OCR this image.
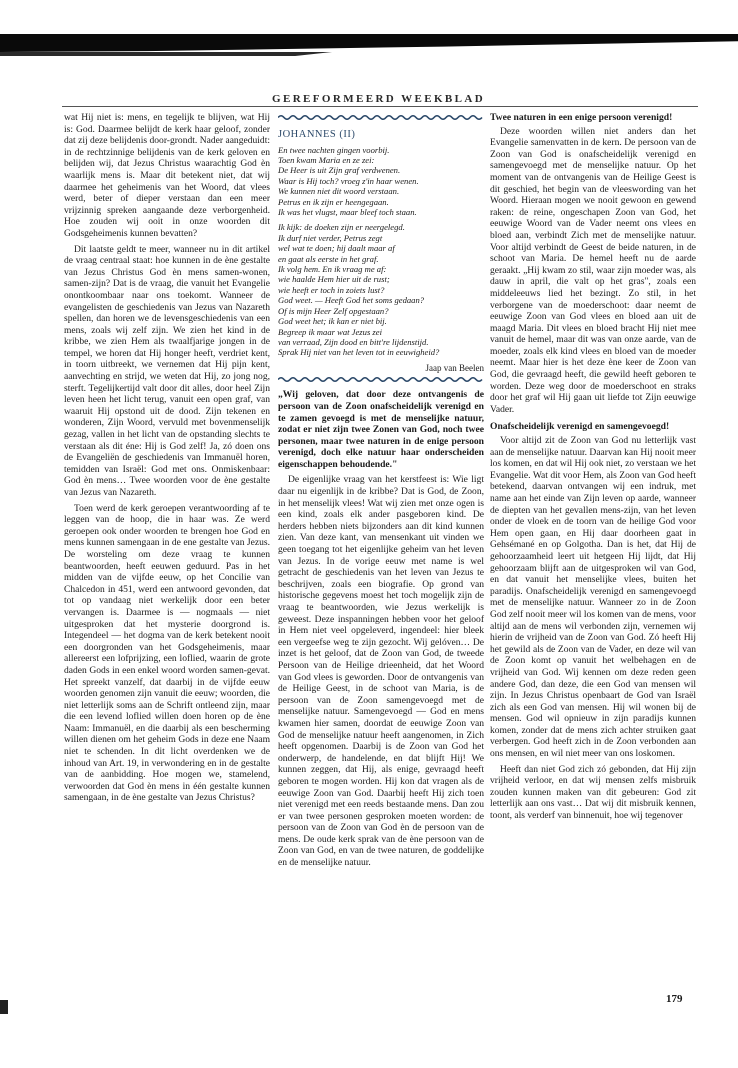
GEREFORMEERD WEEKBLAD

wat Hij niet is: mens, en tegelijk te blijven, wat Hij is: God. Daarmee belijdt de kerk haar geloof, zonder dat zij deze belijdenis door-grondt. Nader aangeduidt: in de rechtzinnige belijdenis van de kerk geloven en belijden wij, dat Jezus Christus waarachtig God èn waarlijk mens is. Maar dit betekent niet, dat wij daarmee het geheimenis van het Woord, dat vlees werd, beter of dieper verstaan dan een meer vrijzinnig spreken aangaande deze verborgenheid. Hoe zouden wij ooit in onze woorden dit Godsgeheimenis kunnen bevatten?

Dit laatste geldt te meer, wanneer nu in dit artikel de vraag centraal staat: hoe kunnen in de ène gestalte van Jezus Christus God èn mens samen-wonen, samen-zijn? Dat is de vraag, die vanuit het Evangelie onontkoombaar naar ons toekomt. Wanneer de evangelisten de geschiedenis van Jezus van Nazareth spellen, dan horen we de levensgeschiedenis van een mens, zoals wij zelf zijn. We zien het kind in de kribbe, we zien Hem als twaalfjarige jongen in de tempel, we horen dat Hij honger heeft, verdriet kent, in toorn uitbreekt, we vernemen dat Hij pijn kent, aanvechting en strijd, we weten dat Hij, zo jong nog, sterft. Tegelijkertijd valt door dit alles, door heel Zijn leven heen het licht terug, vanuit een open graf, van waaruit Hij opstond uit de dood. Zijn tekenen en wonderen, Zijn Woord, vervuld met bovenmenselijk gezag, vallen in het licht van de opstanding slechts te verstaan als dit éne: Hij is God zelf! Ja, zó doen ons de Evangeliën de geschiedenis van Immanuël horen, temidden van Israël: God met ons. Onmiskenbaar: God èn mens… Twee woorden voor de ène gestalte van Jezus van Nazareth.

Toen werd de kerk geroepen verantwoording af te leggen van de hoop, die in haar was. Ze werd geroepen ook onder woorden te brengen hoe God en mens kunnen samengaan in de ene gestalte van Jezus. De worsteling om deze vraag te kunnen beantwoorden, heeft eeuwen geduurd. Pas in het midden van de vijfde eeuw, op het Concilie van Chalcedon in 451, werd een antwoord gevonden, dat tot op vandaag niet werkelijk door een beter vervangen is. Daarmee is — nogmaals — niet uitgesproken dat het mysterie doorgrond is. Integendeel — het dogma van de kerk betekent nooit een doorgronden van het Godsgeheimenis, maar allereerst een lofprijzing, een loflied, waarin de grote daden Gods in een enkel woord worden samen-gevat. Het spreekt vanzelf, dat daarbij in de vijfde eeuw woorden genomen zijn vanuit die eeuw; woorden, die niet letterlijk soms aan de Schrift ontleend zijn, maar die een levend loflied willen doen horen op de ène Naam: Immanuël, en die daarbij als een bescherming willen dienen om het geheim Gods in deze ene Naam niet te schenden. In dit licht overdenken we de inhoud van Art. 19, in verwondering en in de gestalte van de aanbidding. Hoe mogen we, stamelend, verwoorden dat God èn mens in één gestalte kunnen samengaan, in de ène gestalte van Jezus Christus?

JOHANNES (II)
En twee nachten gingen voorbij.
Toen kwam Maria en ze zei:
De Heer is uit Zijn graf verdwenen.
Waar is Hij toch? vroeg z'in haar wenen.
We kunnen niet dit woord verstaan.
Petrus en ik zijn er heengegaan.
Ik was het vlugst, maar bleef toch staan.
Ik kijk: de doeken zijn er neergelegd.
Ik durf niet verder, Petrus zegt
wel wat te doen; hij daalt maar af
en gaat als eerste in het graf.
Ik volg hem. En ik vraag me af:
wie haalde Hem hier uit de rust;
wie heeft er toch in zoiets lust?
God weet. — Heeft God het soms gedaan?
Of is mijn Heer Zelf opgestaan?
God weet het; ik kan er niet bij.
Begreep ik maar wat Jezus zei
van verraad, Zijn dood en bitt're lijdenstijd.
Sprak Hij niet van het leven tot in eeuwigheid?
Jaap van Beelen
„Wij geloven, dat door deze ontvangenis de persoon van de Zoon onafscheidelijk verenigd en te zamen gevoegd is met de menselijke natuur, zodat er niet zijn twee Zonen van God, noch twee personen, maar twee naturen in de enige persoon verenigd, doch elke natuur haar onderscheiden eigenschappen behoudende."

De eigenlijke vraag van het kerstfeest is: Wie ligt daar nu eigenlijk in de kribbe? Dat is God, de Zoon, in het menselijk vlees! Wat wij zien met onze ogen is een kind, zoals elk ander pasgeboren kind. De herders hebben niets bijzonders aan dit kind kunnen zien. Van deze kant, van mensenkant uit vinden we geen toegang tot het eigenlijke geheim van het leven van Jezus. In de vorige eeuw met name is wel getracht de geschiedenis van het leven van Jezus te beschrijven, zoals een biografie. Op grond van historische gegevens moest het toch mogelijk zijn de vraag te beantwoorden, wie Jezus werkelijk is geweest. Deze inspanningen hebben voor het geloof in Hem niet veel opgeleverd, ingendeel: hier bleek een vergeefse weg te zijn gezocht. Wij gelóven… De inzet is het geloof, dat de Zoon van God, de tweede Persoon van de Heilige drieenheid, dat het Woord van God vlees is geworden. Door de ontvangenis van de Heilige Geest, in de schoot van Maria, is de persoon van de Zoon samengevoegd met de menselijke natuur. Samengevoegd — God en mens kwamen hier samen, doordat de eeuwige Zoon van God de menselijke natuur heeft aangenomen, in Zich heeft opgenomen. Daarbij is de Zoon van God het onderwerp, de handelende, en dat blijft Hij! We kunnen zeggen, dat Hij, als enige, gevraagd heeft geboren te mogen worden. Hij kon dat vragen als de eeuwige Zoon van God. Daarbij heeft Hij zich toen niet verenigd met een reeds bestaande mens. Dan zou er van twee personen gesproken moeten worden: de persoon van de Zoon van God èn de persoon van de mens. De oude kerk sprak van de ène persoon van de Zoon van God, en van de twee naturen, de goddelijke en de menselijke natuur.

Twee naturen in een enige persoon verenigd!

Deze woorden willen niet anders dan het Evangelie samenvatten in de kern. De persoon van de Zoon van God is onafscheidelijk verenigd en samengevoegd met de menselijke natuur. Op het moment van de ontvangenis van de Heilige Geest is dit geschied, het begin van de vleeswording van het Woord. Hieraan mogen we nooit gewoon en gewend raken: de reine, ongeschapen Zoon van God, het eeuwige Woord van de Vader neemt ons vlees en bloed aan, verbindt Zich met de menselijke natuur. Voor altijd verbindt de Geest de beide naturen, in de schoot van Maria. De hemel heeft nu de aarde geraakt. „Hij kwam zo stil, waar zijn moeder was, als dauw in april, die valt op het gras", zoals een middeleeuws lied het bezingt. Zo stil, in het verborgene van de moederschoot: daar neemt de eeuwige Zoon van God vlees en bloed aan uit de maagd Maria. Dit vlees en bloed bracht Hij niet mee vanuit de hemel, maar dit was van onze aarde, van de moeder, zoals elk kind vlees en bloed van de moeder neemt. Maar hier is het deze ène keer de Zoon van God, die gevraagd heeft, die gewild heeft geboren te worden. Deze weg door de moederschoot en straks door het graf wil Hij gaan uit liefde tot Zijn eeuwige Vader.

Onafscheidelijk verenigd en samengevoegd!

Voor altijd zit de Zoon van God nu letterlijk vast aan de menselijke natuur. Daarvan kan Hij nooit meer los komen, en dat wil Hij ook niet, zo verstaan we het Evangelie. Wat dit voor Hem, als Zoon van God heeft betekend, daarvan ontvangen wij een indruk, met name aan het einde van Zijn leven op aarde, wanneer de diepten van het gevallen mens-zijn, van het leven onder de vloek en de toorn van de heilige God voor Hem open gaan, en Hij daar doorheen gaat in Gehsémané en op Golgotha. Dan is het, dat Hij de gehoorzaamheid leert uit hetgeen Hij lijdt, dat Hij gehoorzaam blijft aan de uitgesproken wil van God, en dat vanuit het menselijke vlees, buiten het paradijs. Onafscheidelijk verenigd en samengevoegd met de menselijke natuur. Wanneer zo in de Zoon God zelf nooit meer wil los komen van de mens, voor altijd aan de mens wil verbonden zijn, vernemen wij hierin de vrijheid van de Zoon van God. Zó heeft Hij het gewild als de Zoon van de Vader, en deze wil van de Zoon komt op vanuit het welbehagen en de vrijheid van God. Wij kennen om deze reden geen andere God, dan deze, die een God van mensen wil zijn. In Jezus Christus openbaart de God van Israël zich als een God van mensen. Hij wil wonen bij de mensen. God wil opnieuw in zijn paradijs kunnen komen, zonder dat de mens zich achter struiken gaat verbergen. God heeft zich in de Zoon verbonden aan ons mensen, en wil niet meer van ons loskomen.

Heeft dan niet God zich zó gebonden, dat Hij zijn vrijheid verloor, en dat wij mensen zelfs misbruik zouden kunnen maken van dit gebeuren: God zit letterlijk aan ons vast… Dat wij dit misbruik kennen, toont, als verderf van binnenuit, hoe wij tegenover

179
